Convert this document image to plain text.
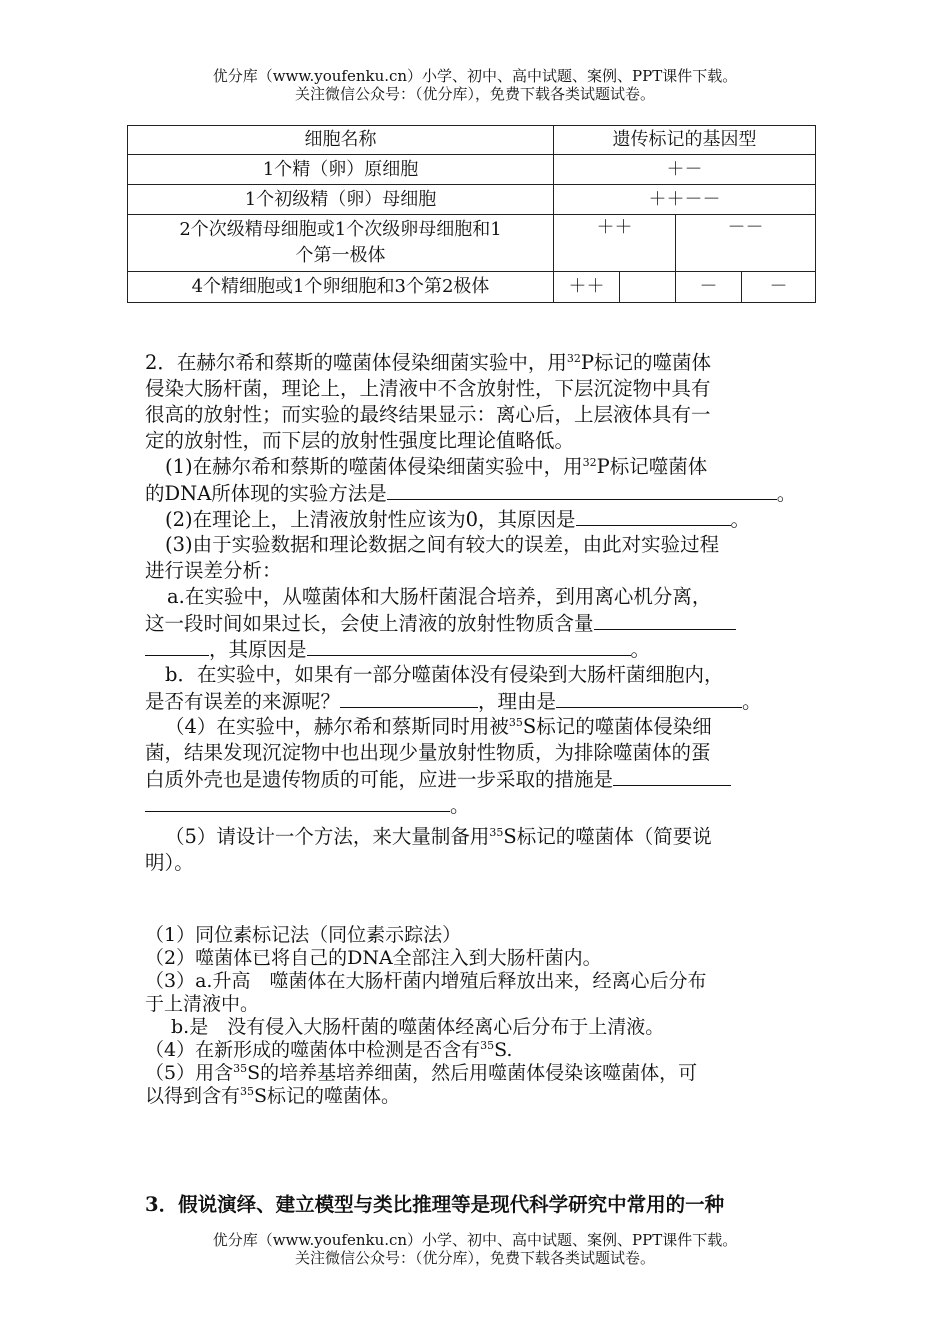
优分库（www.youfenku.cn）小学、初中、高中试题、案例、PPT课件下载。
关注微信公众号：（优分库），免费下载各类试题试卷。
细胞名称	遗传标记的基因型			
1个精（卵）原细胞	＋－			
1个初级精（卵）母细胞	＋＋－－			

2个次级精母细胞或1个次级卵母细胞和1
个第一极体	＋＋		－－	
4个精细胞或1个卵细胞和3个第2极体	＋＋		－	－
2．在赫尔希和蔡斯的噬菌体侵染细菌实验中，用$^{32}$P标记的噬菌体
侵染大肠杆菌，理论上，上清液中不含放射性，下层沉淀物中具有
很高的放射性；而实验的最终结果显示：离心后，上层液体具有一
定的放射性，而下层的放射性强度比理论值略低。
(1)在赫尔希和蔡斯的噬菌体侵染细菌实验中，用$^{32}$P标记噬菌体
的DNA所体现的实验方法是	。
(2)在理论上，上清液放射性应该为0，其原因是	。
(3)由于实验数据和理论数据之间有较大的误差，由此对实验过程
进行误差分析：
a.在实验中，从噬菌体和大肠杆菌混合培养，到用离心机分离，
这一段时间如果过长，会使上清液的放射性物质含量
，其原因是	。
b．在实验中，如果有一部分噬菌体没有侵染到大肠杆菌细胞内，
是否有误差的来源呢？	，理由是	。
（4）在实验中，赫尔希和蔡斯同时用被$^{35}$S标记的噬菌体侵染细
菌，结果发现沉淀物中也出现少量放射性物质，为排除噬菌体的蛋
白质外壳也是遗传物质的可能，应进一步采取的措施是
。
（5）请设计一个方法，来大量制备用$^{35}$S标记的噬菌体（简要说
明）。
（1）同位素标记法（同位素示踪法）
（2）噬菌体已将自己的DNA全部注入到大肠杆菌内。
（3）a.升高　噬菌体在大肠杆菌内增殖后释放出来，经离心后分布
于上清液中。
b.是　没有侵入大肠杆菌的噬菌体经离心后分布于上清液。
（4）在新形成的噬菌体中检测是否含有$^{35}$S.
（5）用含$^{35}$S的培养基培养细菌，然后用噬菌体侵染该噬菌体，可
以得到含有$^{35}$S标记的噬菌体。
3．假说演绎、建立模型与类比推理等是现代科学研究中常用的一种
优分库（www.youfenku.cn）小学、初中、高中试题、案例、PPT课件下载。
关注微信公众号：（优分库），免费下载各类试题试卷。
